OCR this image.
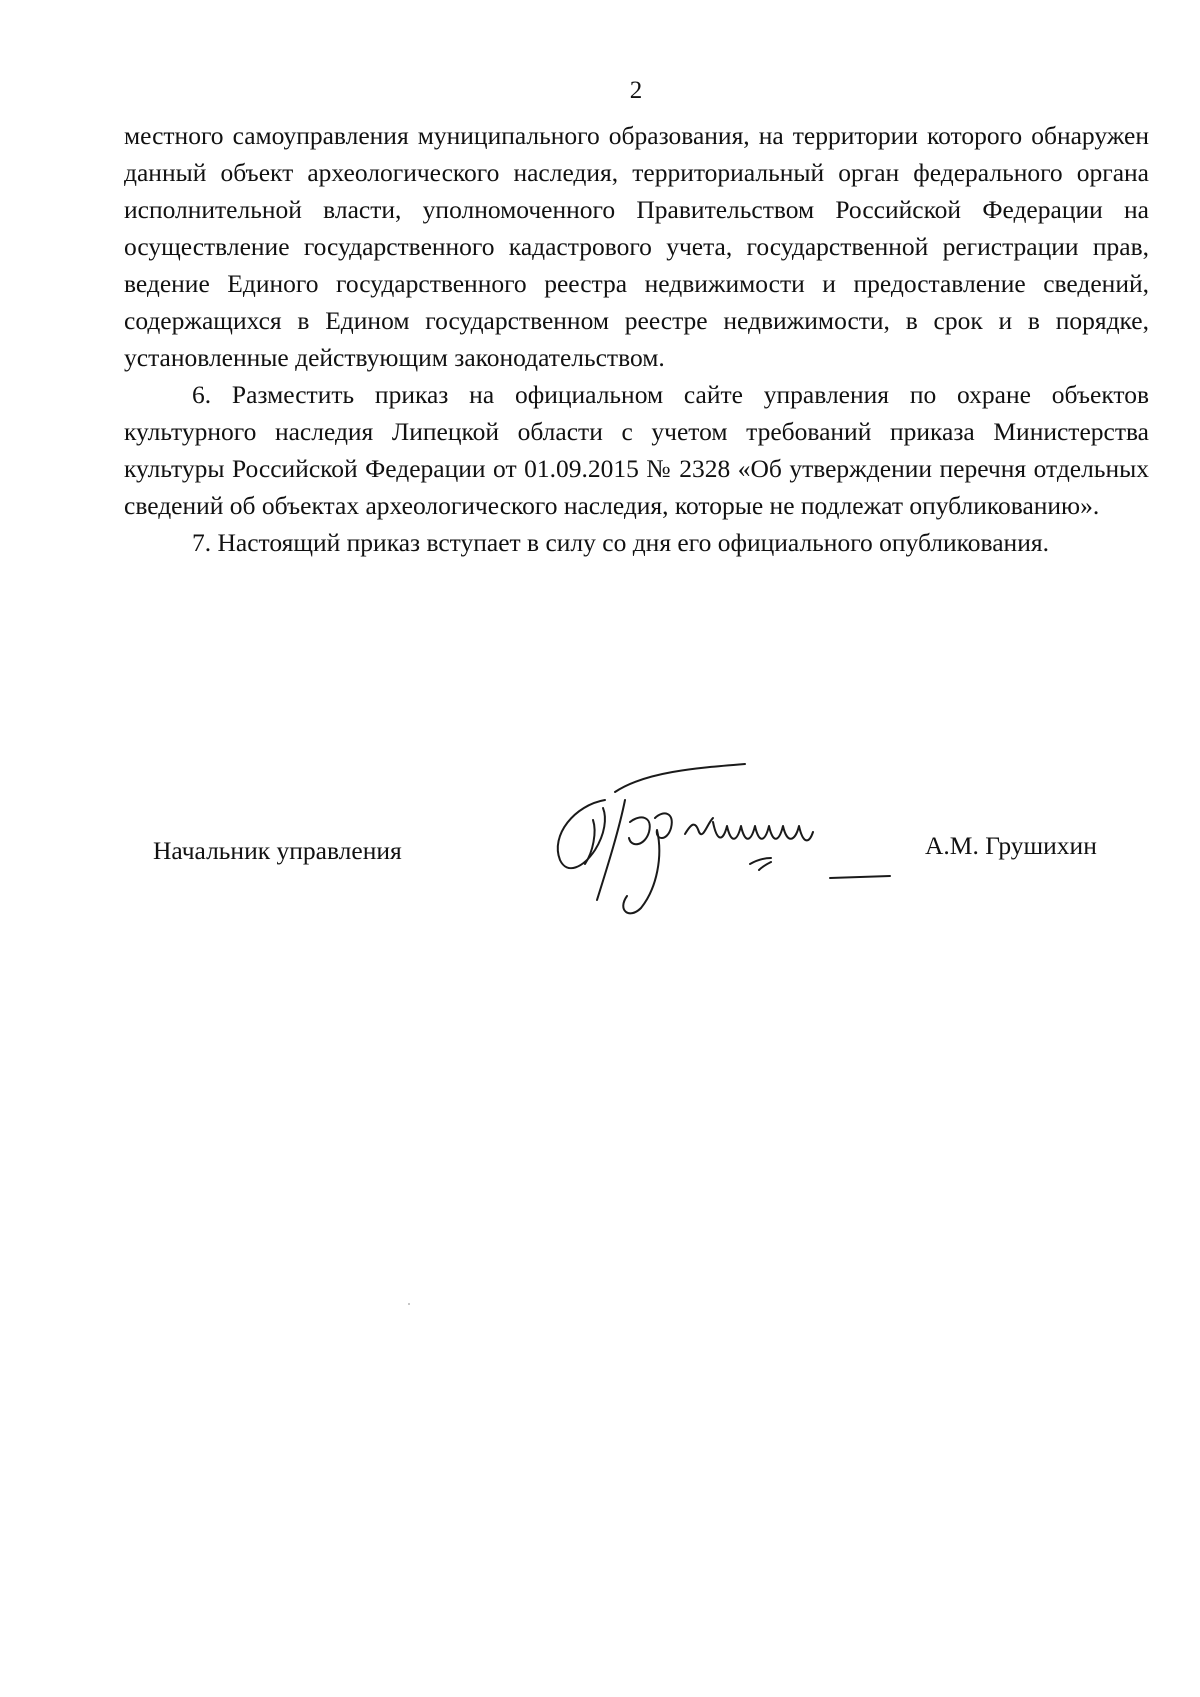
2

местного самоуправления муниципального образования, на территории которого обнаружен данный объект археологического наследия, территориальный орган федерального органа исполнительной власти, уполномоченного Правительством Российской Федерации на осуществление государственного кадастрового учета, государственной регистрации прав, ведение Единого государственного реестра недвижимости и предоставление сведений, содержащихся в Едином государственном реестре недвижимости, в срок и в порядке, установленные действующим законодательством.

6. Разместить приказ на официальном сайте управления по охране объектов культурного наследия Липецкой области с учетом требований приказа Министерства культуры Российской Федерации от 01.09.2015 № 2328 «Об утверждении перечня отдельных сведений об объектах археологического наследия, которые не подлежат опубликованию».

7. Настоящий приказ вступает в силу со дня его официального опубликования.

Начальник управления	А.М. Грушихин
